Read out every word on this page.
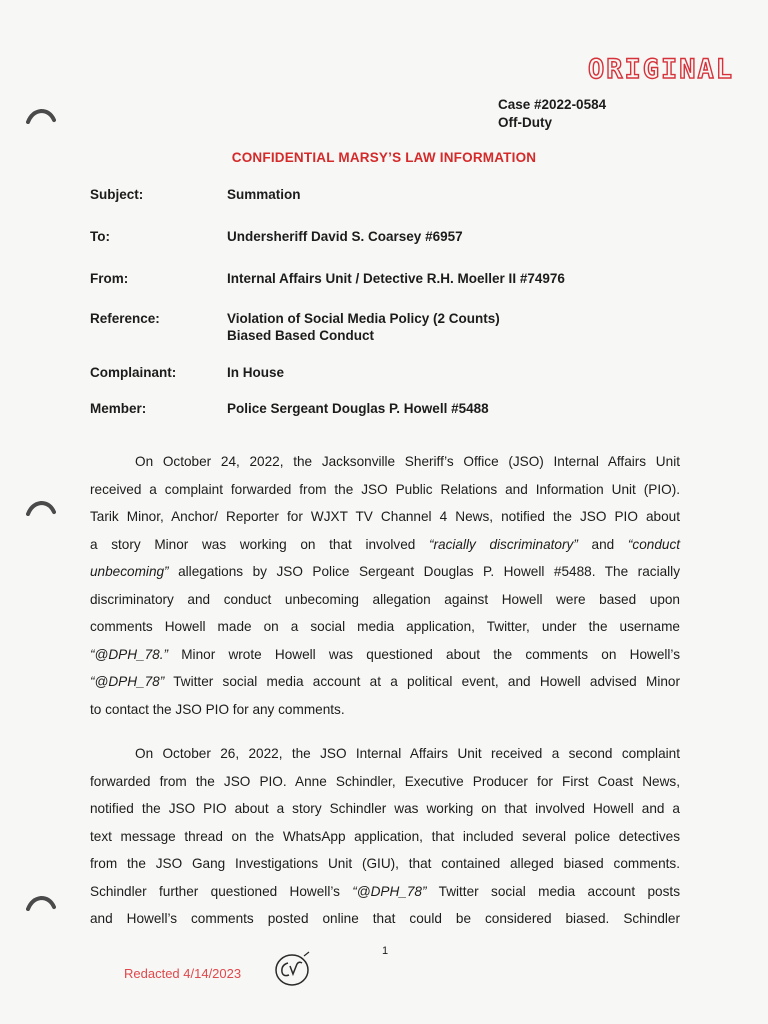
ORIGINAL
Case #2022-0584
Off-Duty
CONFIDENTIAL MARSY’S LAW INFORMATION
Subject:	Summation
To:	Undersheriff David S. Coarsey #6957
From:	Internal Affairs Unit / Detective R.H. Moeller II #74976
Reference:	Violation of Social Media Policy (2 Counts)
Biased Based Conduct
Complainant:	In House
Member:	Police Sergeant Douglas P. Howell #5488
On October 24, 2022, the Jacksonville Sheriff’s Office (JSO) Internal Affairs Unit
received a complaint forwarded from the JSO Public Relations and Information Unit (PIO).
Tarik Minor, Anchor/ Reporter for WJXT TV Channel 4 News, notified the JSO PIO about
a story Minor was working on that involved “racially discriminatory” and “conduct
unbecoming” allegations by JSO Police Sergeant Douglas P. Howell #5488. The racially
discriminatory and conduct unbecoming allegation against Howell were based upon
comments Howell made on a social media application, Twitter, under the username
“@DPH_78.” Minor wrote Howell was questioned about the comments on Howell’s
“@DPH_78” Twitter social media account at a political event, and Howell advised Minor
to contact the JSO PIO for any comments.
On October 26, 2022, the JSO Internal Affairs Unit received a second complaint
forwarded from the JSO PIO. Anne Schindler, Executive Producer for First Coast News,
notified the JSO PIO about a story Schindler was working on that involved Howell and a
text message thread on the WhatsApp application, that included several police detectives
from the JSO Gang Investigations Unit (GIU), that contained alleged biased comments.
Schindler further questioned Howell’s “@DPH_78” Twitter social media account posts
and Howell’s comments posted online that could be considered biased. Schindler
1
Redacted 4/14/2023
